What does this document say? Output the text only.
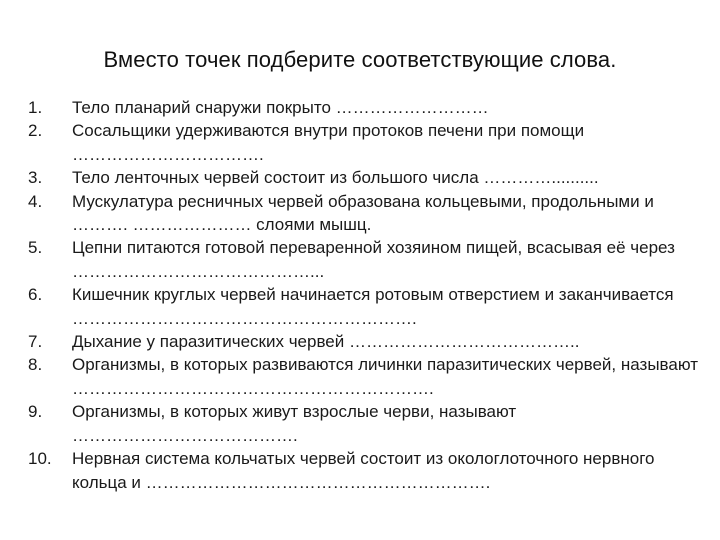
Вместо точек подберите соответствующие слова.
1.	Тело планарий снаружи покрыто ………………………
2.	Сосальщики удерживаются внутри протоков печени при помощи …………………………….
3.	Тело ленточных червей состоит из большого числа …………..........
4.	Мускулатура ресничных червей образована кольцевыми, продольными и ………. ………………… слоями мышц.
5.	Цепни питаются готовой переваренной хозяином пищей, всасывая её через ……………………………………...
6.	Кишечник круглых червей начинается ротовым отверстием и заканчивается …………………………………………………….
7.	Дыхание у паразитических червей …………………………………..
8.	Организмы, в которых развиваются личинки паразитических червей, называют ……………………………………………………….
9.	Организмы, в которых живут взрослые черви, называют ………………………………….
10.	Нервная система кольчатых червей состоит из окологлоточного нервного кольца и …………………………………………………….
